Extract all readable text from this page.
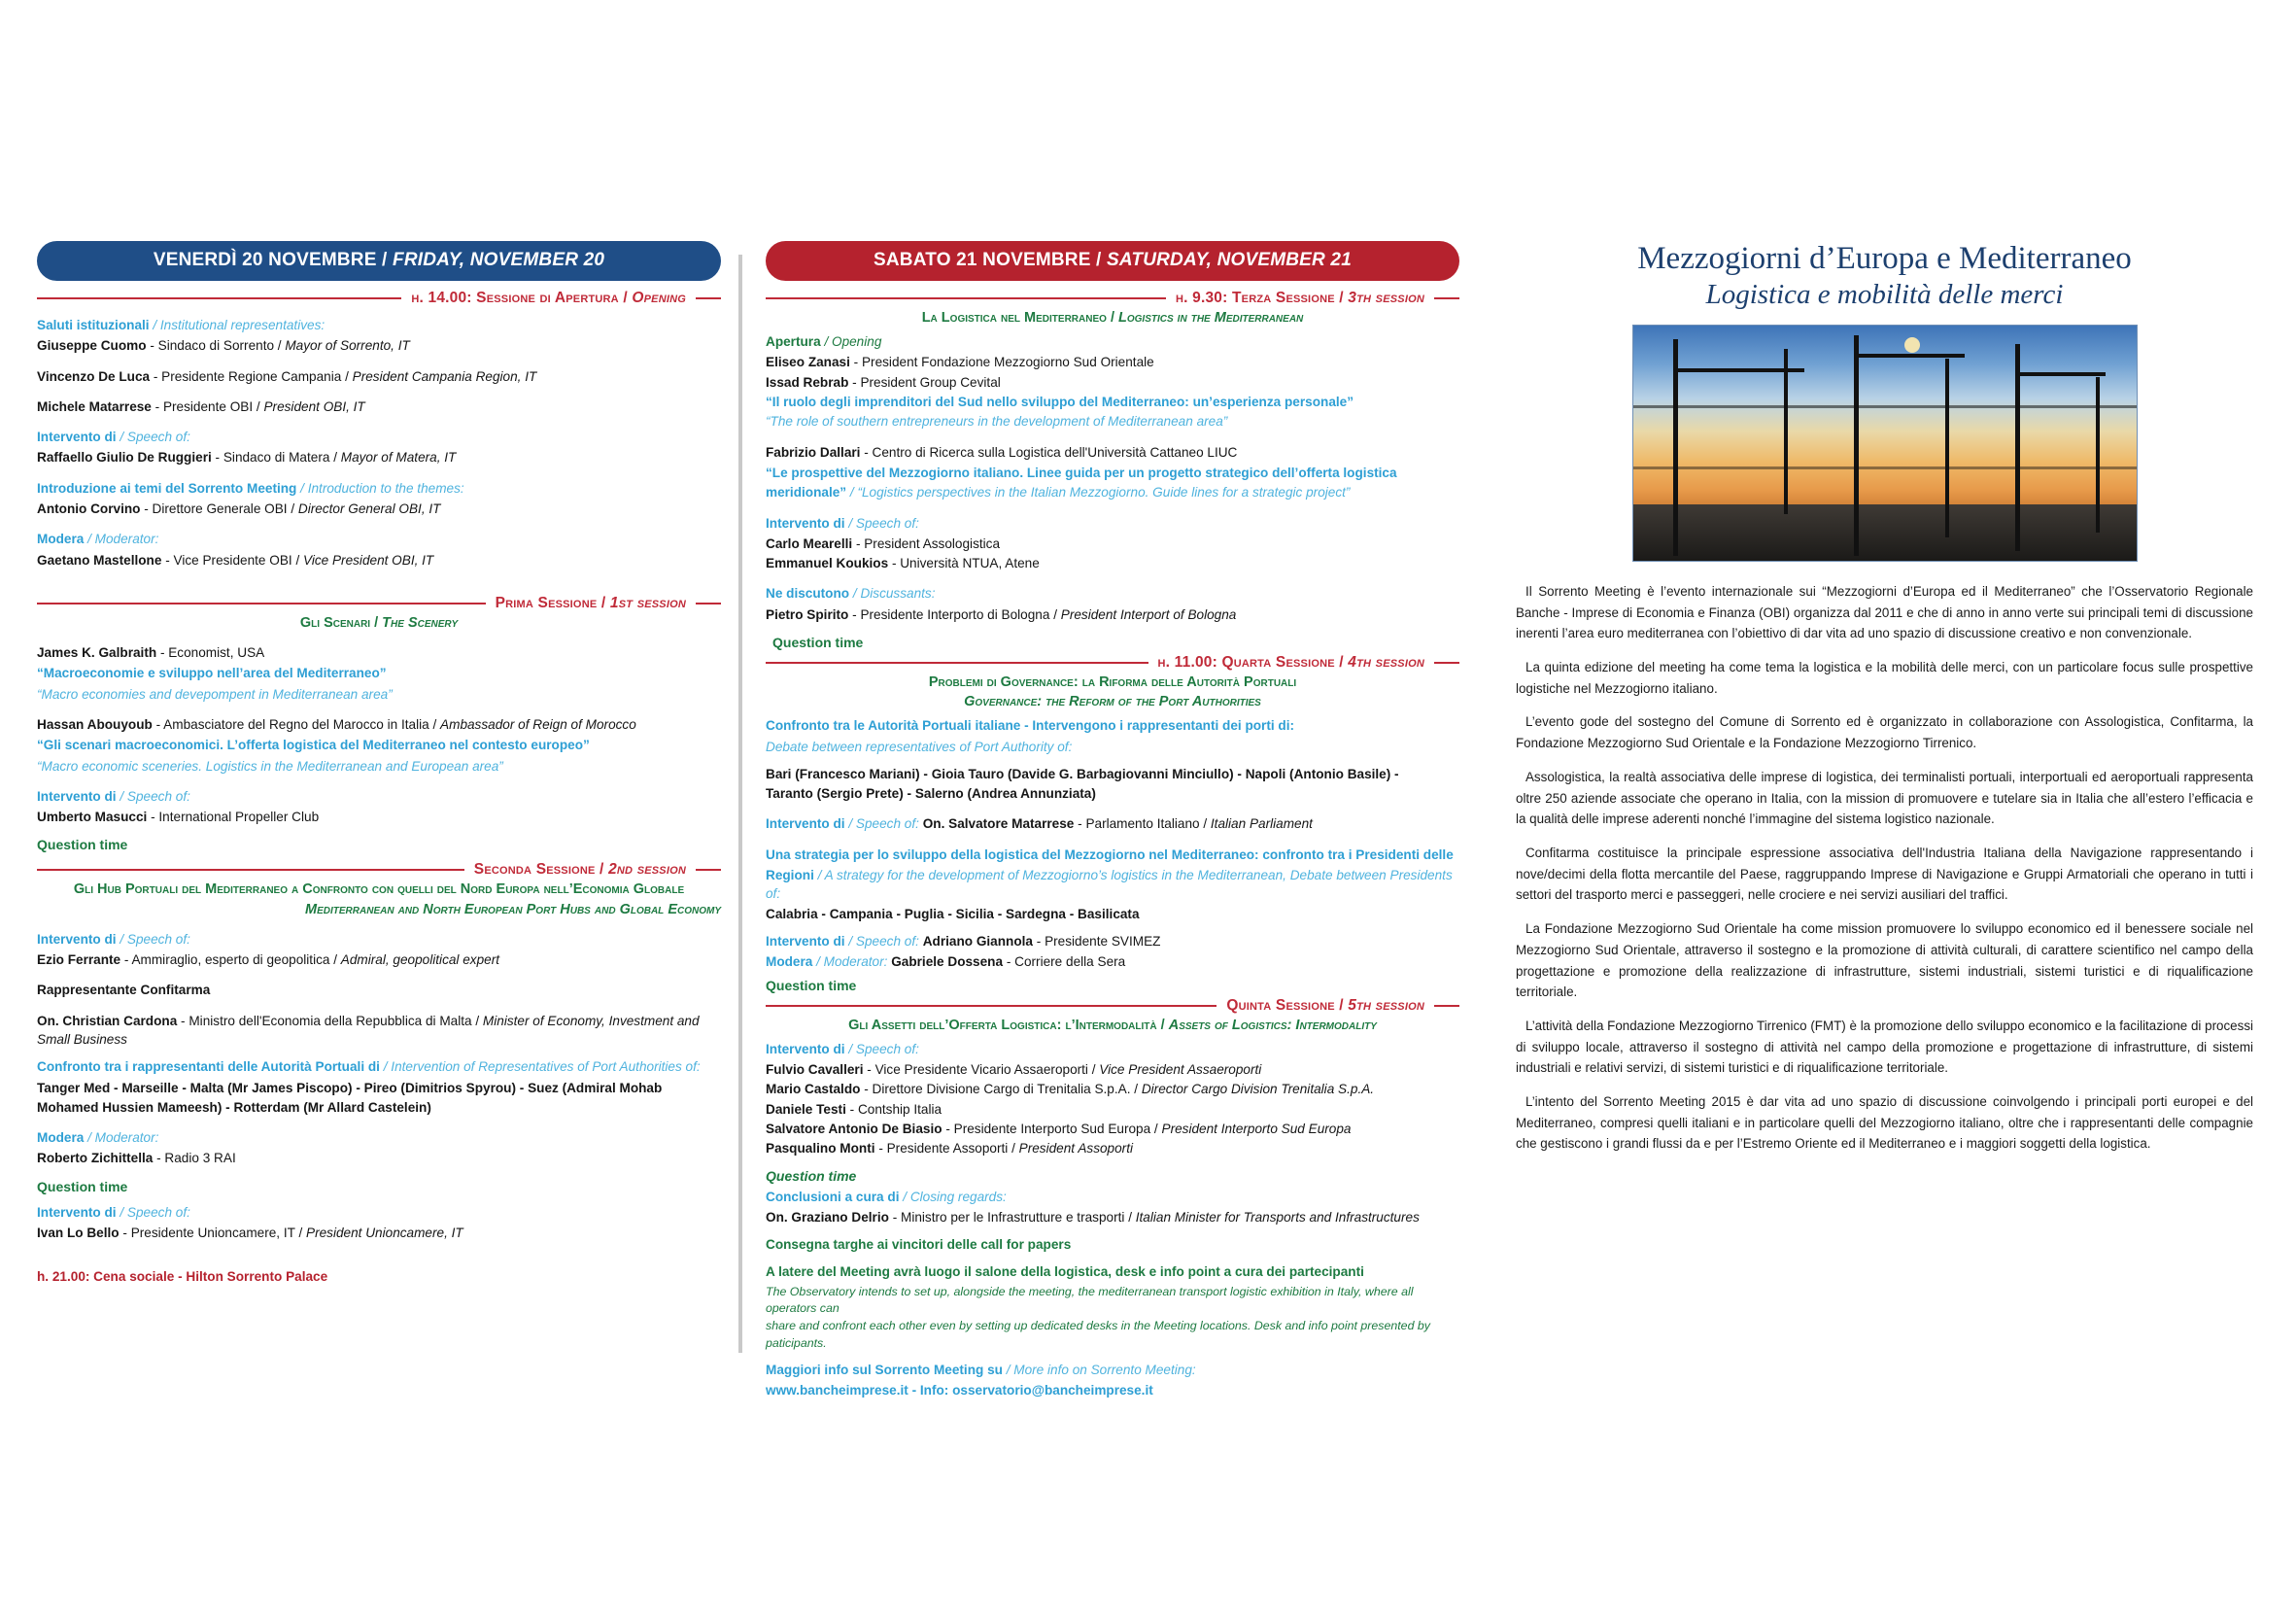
VENERDÌ 20 NOVEMBRE / FRIDAY, NOVEMBER 20
h. 14.00: Sessione di Apertura / Opening
Saluti istituzionali / Institutional representatives:
Giuseppe Cuomo - Sindaco di Sorrento / Mayor of Sorrento, IT
Vincenzo De Luca - Presidente Regione Campania / President Campania Region, IT
Michele Matarrese - Presidente OBI / President OBI, IT
Intervento di / Speech of:
Raffaello Giulio De Ruggieri - Sindaco di Matera / Mayor of Matera, IT
Introduzione ai temi del Sorrento Meeting / Introduction to the themes:
Antonio Corvino - Direttore Generale OBI / Director General OBI, IT
Modera / Moderator:
Gaetano Mastellone - Vice Presidente OBI / Vice President OBI, IT
Prima Sessione / 1st session
Gli Scenari / The Scenery
James K. Galbraith - Economist, USA
“Macroeconomie e sviluppo nell’area del Mediterraneo”
“Macro economies and devepompent in Mediterranean area”
Hassan Abouyoub - Ambasciatore del Regno del Marocco in Italia / Ambassador of Reign of Morocco
“Gli scenari macroeconomici. L’offerta logistica del Mediterraneo nel contesto europeo”
“Macro economic sceneries. Logistics in the Mediterranean and European area”
Intervento di / Speech of:
Umberto Masucci - International Propeller Club
Question time
Seconda Sessione / 2nd session
Gli Hub Portuali del Mediterraneo a Confronto con quelli del Nord Europa nell’Economia Globale
Mediterranean and North European Port Hubs and Global Economy
Intervento di / Speech of:
Ezio Ferrante - Ammiraglio, esperto di geopolitica / Admiral, geopolitical expert
Rappresentante Confitarma
On. Christian Cardona - Ministro dell'Economia della Repubblica di Malta / Minister of Economy, Investment and Small Business
Confronto tra i rappresentanti delle Autorità Portuali di / Intervention of Representatives of Port Authorities of:
Tanger Med - Marseille - Malta (Mr James Piscopo) - Pireo (Dimitrios Spyrou) - Suez (Admiral Mohab
Mohamed Hussien Mameesh) - Rotterdam (Mr Allard Castelein)
Modera / Moderator:
Roberto Zichittella - Radio 3 RAI
Question time
Intervento di / Speech of:
Ivan Lo Bello - Presidente Unioncamere, IT / President Unioncamere, IT
h. 21.00: Cena sociale - Hilton Sorrento Palace
SABATO 21 NOVEMBRE / SATURDAY, NOVEMBER 21
h. 9.30: Terza Sessione / 3th session
La Logistica nel Mediterraneo / Logistics in the Mediterranean
Apertura / Opening
Eliseo Zanasi - President Fondazione Mezzogiorno Sud Orientale
Issad Rebrab - President Group Cevital
“Il ruolo degli imprenditori del Sud nello sviluppo del Mediterraneo: un’esperienza personale”
“The role of southern entrepreneurs in the development of Mediterranean area”
Fabrizio Dallari - Centro di Ricerca sulla Logistica dell'Università Cattaneo LIUC
“Le prospettive del Mezzogiorno italiano. Linee guida per un progetto strategico dell’offerta logistica
meridionale” / “Logistics perspectives in the Italian Mezzogiorno. Guide lines for a strategic project”
Intervento di / Speech of:
Carlo Mearelli - President Assologistica
Emmanuel Koukios - Università NTUA, Atene
Ne discutono / Discussants:
Pietro Spirito - Presidente Interporto di Bologna / President Interport of Bologna
Question time
h. 11.00: Quarta Sessione / 4th session
Problemi di Governance: la Riforma delle Autorità Portuali
Governance: the Reform of the Port Authorities
Confronto tra le Autorità Portuali italiane - Intervengono i rappresentanti dei porti di:
Debate between representatives of Port Authority of:
Bari (Francesco Mariani) - Gioia Tauro (Davide G. Barbagiovanni Minciullo) - Napoli (Antonio Basile) -
Taranto (Sergio Prete) - Salerno (Andrea Annunziata)
Intervento di / Speech of: On. Salvatore Matarrese - Parlamento Italiano / Italian Parliament
Una strategia per lo sviluppo della logistica del Mezzogiorno nel Mediterraneo: confronto tra i Presidenti delle
Regioni / A strategy for the development of Mezzogiorno’s logistics in the Mediterranean, Debate between Presidents of:
Calabria - Campania - Puglia - Sicilia - Sardegna - Basilicata
Intervento di / Speech of: Adriano Giannola - Presidente SVIMEZ
Modera / Moderator: Gabriele Dossena - Corriere della Sera
Question time
Quinta Sessione / 5th session
Gli Assetti dell’Offerta Logistica: l’Intermodalità / Assets of Logistics: Intermodality
Intervento di / Speech of:
Fulvio Cavalleri - Vice Presidente Vicario Assaeroporti / Vice President Assaeroporti
Mario Castaldo - Direttore Divisione Cargo di Trenitalia S.p.A. / Director Cargo Division Trenitalia S.p.A.
Daniele Testi - Contship Italia
Salvatore Antonio De Biasio - Presidente Interporto Sud Europa / President Interporto Sud Europa
Pasqualino Monti - Presidente Assoporti / President Assoporti
Question time
Conclusioni a cura di / Closing regards:
On. Graziano Delrio - Ministro per le Infrastrutture e trasporti / Italian Minister for Transports and Infrastructures
Consegna targhe ai vincitori delle call for papers
A latere del Meeting avrà luogo il salone della logistica, desk e info point a cura dei partecipanti
The Observatory intends to set up, alongside the meeting, the mediterranean transport logistic exhibition in Italy, where all operators can
share and confront each other even by setting up dedicated desks in the Meeting locations. Desk and info point presented by paticipants.
Maggiori info sul Sorrento Meeting su / More info on Sorrento Meeting:
www.bancheimprese.it - Info: osservatorio@bancheimprese.it
Mezzogiorni d’Europa e Mediterraneo
Logistica e mobilità delle merci
Il Sorrento Meeting è l’evento internazionale sui “Mezzogiorni d’Europa ed il Mediterraneo” che l’Osservatorio Regionale Banche - Imprese di Economia e Finanza (OBI) organizza dal 2011 e che di anno in anno verte sui principali temi di discussione inerenti l’area euro mediterranea con l’obiettivo di dar vita ad uno spazio di discussione creativo e non convenzionale.
La quinta edizione del meeting ha come tema la logistica e la mobilità delle merci, con un particolare focus sulle prospettive logistiche nel Mezzogiorno italiano.
L’evento gode del sostegno del Comune di Sorrento ed è organizzato in collaborazione con Assologistica, Confitarma, la Fondazione Mezzogiorno Sud Orientale e la Fondazione Mezzogiorno Tirrenico.
Assologistica, la realtà associativa delle imprese di logistica, dei terminalisti portuali, interportuali ed aeroportuali rappresenta oltre 250 aziende associate che operano in Italia, con la mission di promuovere e tutelare sia in Italia che all’estero l’efficacia e la qualità delle imprese aderenti nonché l’immagine del sistema logistico nazionale.
Confitarma costituisce la principale espressione associativa dell'Industria Italiana della Navigazione rappresentando i nove/decimi della flotta mercantile del Paese, raggruppando Imprese di Navigazione e Gruppi Armatoriali che operano in tutti i settori del trasporto merci e passeggeri, nelle crociere e nei servizi ausiliari del traffici.
La Fondazione Mezzogiorno Sud Orientale ha come mission promuovere lo sviluppo economico ed il benessere sociale nel Mezzogiorno Sud Orientale, attraverso il sostegno e la promozione di attività culturali, di carattere scientifico nel campo della progettazione e promozione della realizzazione di infrastrutture, sistemi industriali, sistemi turistici e di riqualificazione territoriale.
L’attività della Fondazione Mezzogiorno Tirrenico (FMT) è la promozione dello sviluppo economico e la facilitazione di processi di sviluppo locale, attraverso il sostegno di attività nel campo della promozione e progettazione di infrastrutture, di sistemi industriali e relativi servizi, di sistemi turistici e di riqualificazione territoriale.
L’intento del Sorrento Meeting 2015 è dar vita ad uno spazio di discussione coinvolgendo i principali porti europei e del Mediterraneo, compresi quelli italiani e in particolare quelli del Mezzogiorno italiano, oltre che i rappresentanti delle compagnie che gestiscono i grandi flussi da e per l’Estremo Oriente ed il Mediterraneo e i maggiori soggetti della logistica.
